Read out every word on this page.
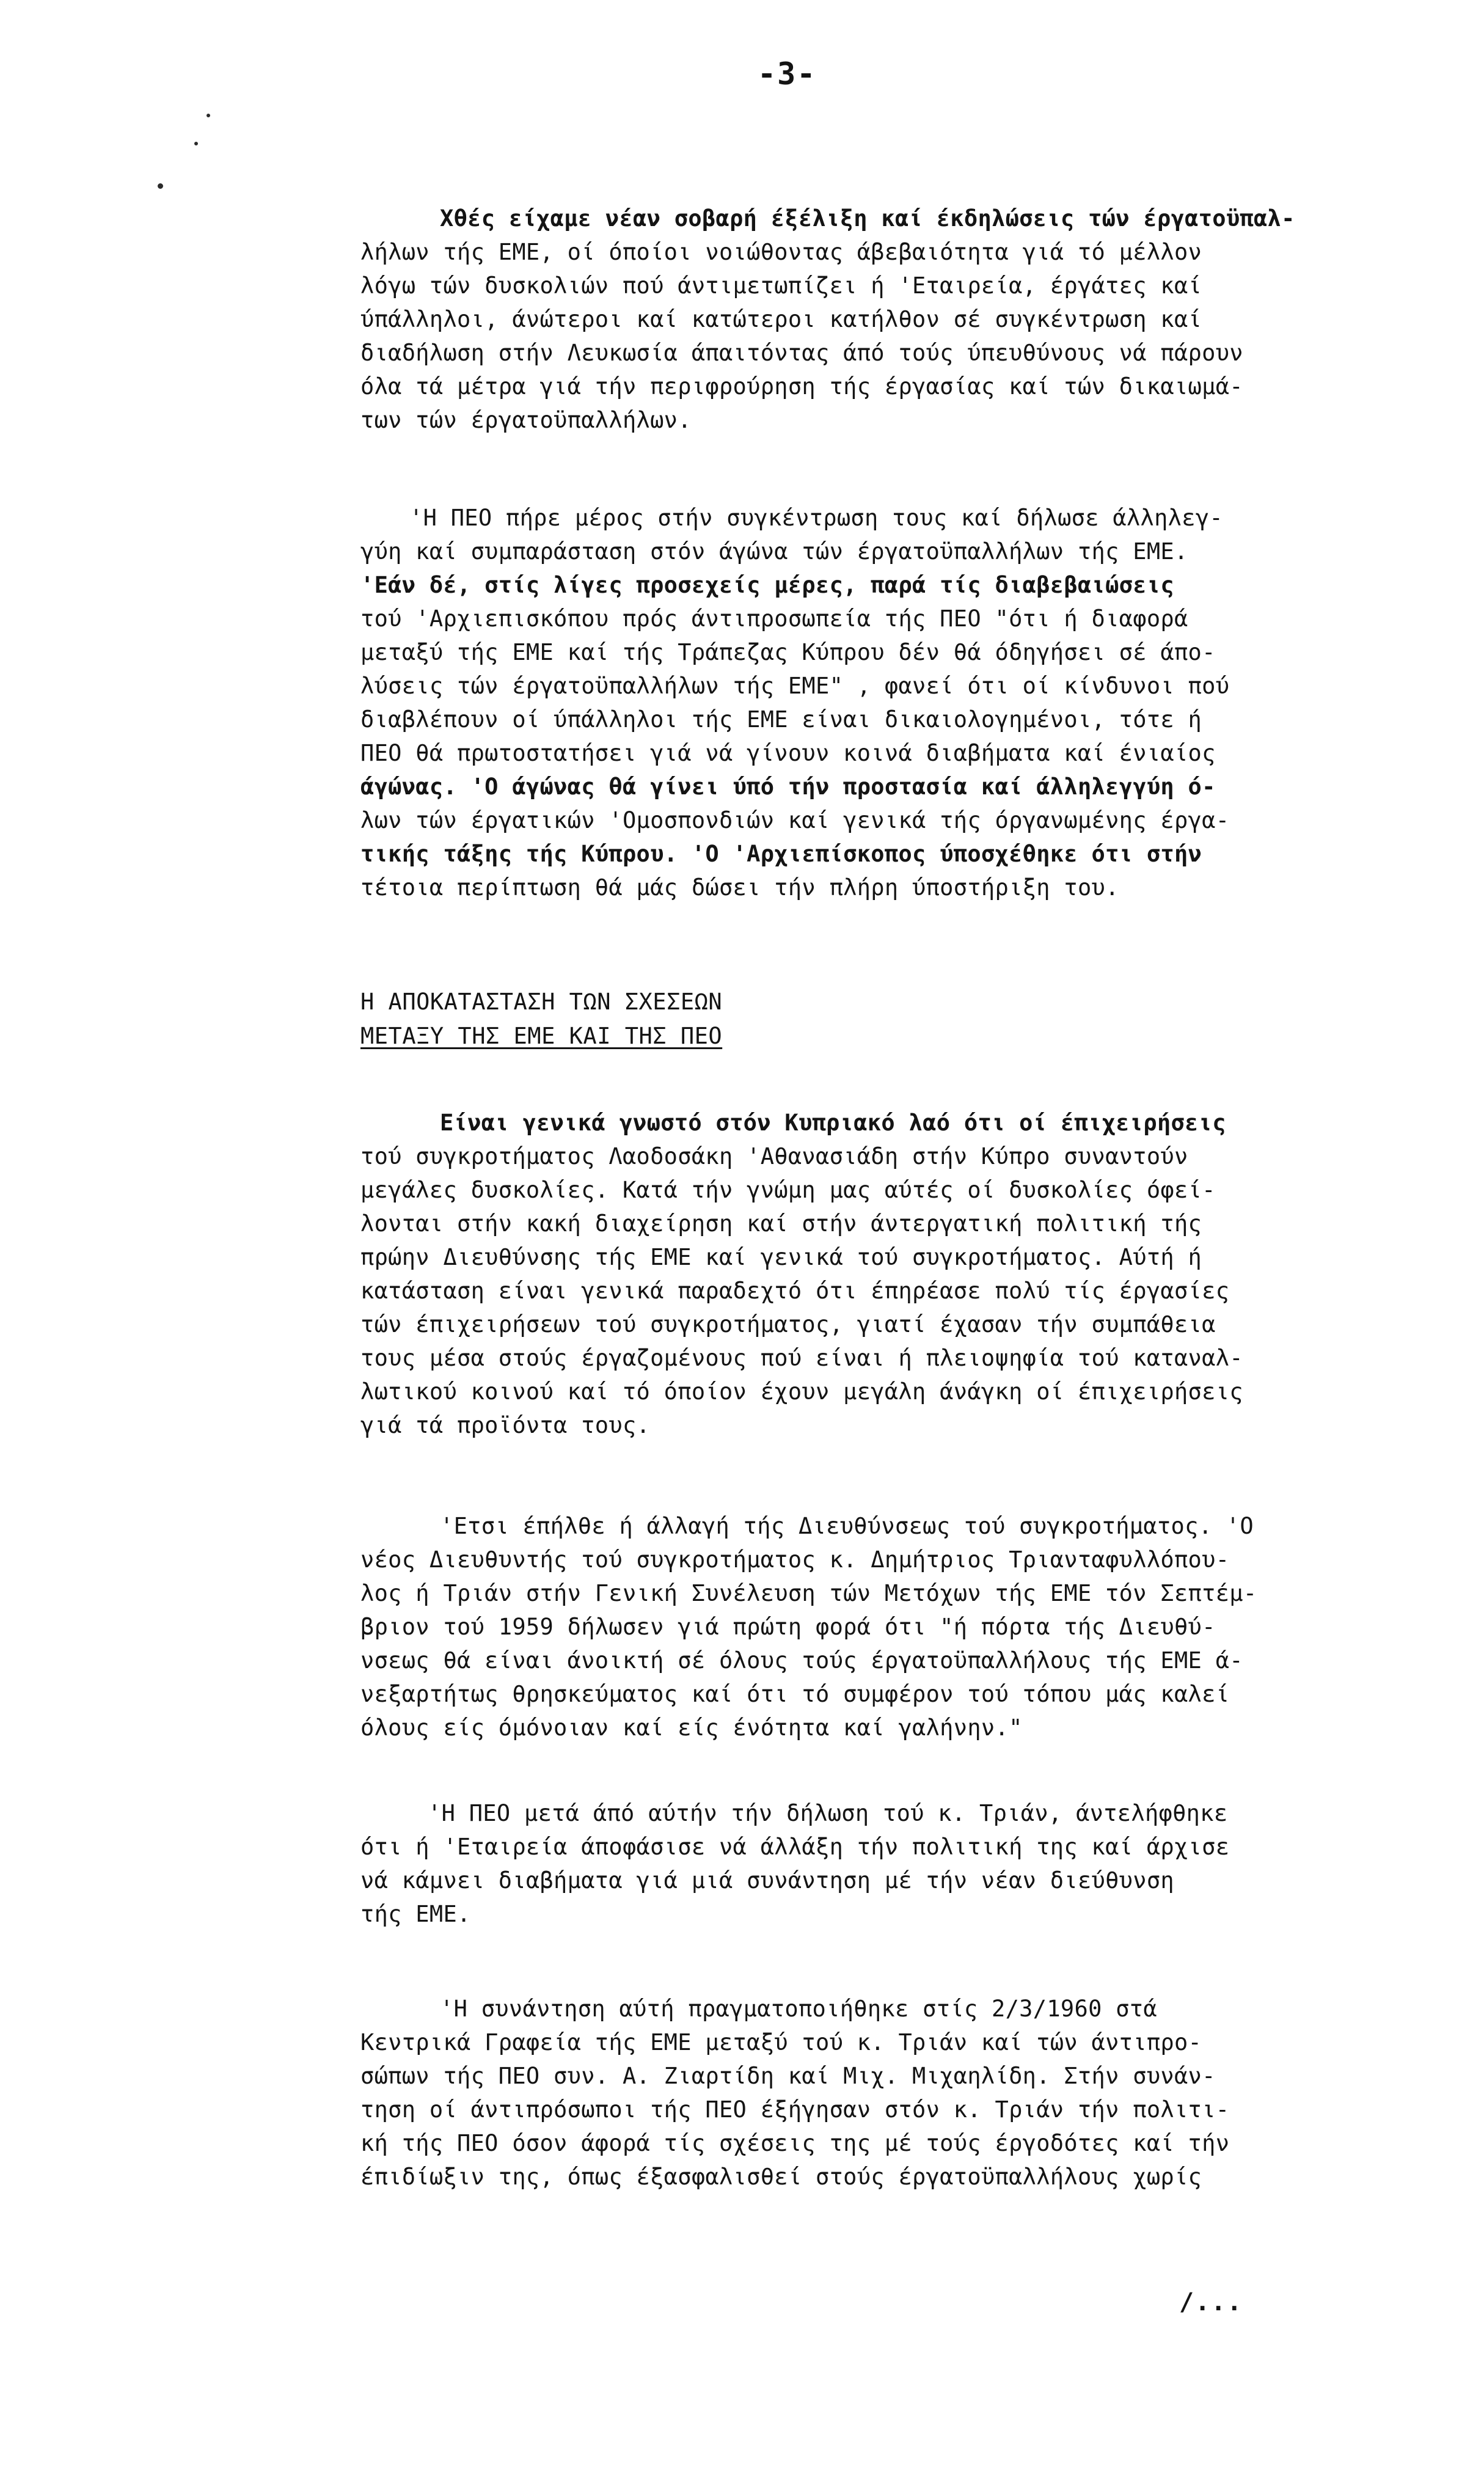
-3-
Χθές είχαμε νέαν σοβαρή έξέλιξη καί έκδηλώσεις τών έργατοϋπαλ-
λήλων τής ΕΜΕ, οί όποίοι νοιώθοντας άβεβαιότητα γιά τό μέλλον
λόγω τών δυσκολιών πού άντιμετωπίζει ή 'Εταιρεία, έργάτες καί
ύπάλληλοι, άνώτεροι καί κατώτεροι κατήλθον σέ συγκέντρωση καί
διαδήλωση στήν Λευκωσία άπαιτόντας άπό τούς ύπευθύνους νά πάρουν
όλα τά μέτρα γιά τήν περιφρούρηση τής έργασίας καί τών δικαιωμά-
των τών έργατοϋπαλλήλων.
'Η ΠΕΟ πήρε μέρος στήν συγκέντρωση τους καί δήλωσε άλληλεγ-
γύη καί συμπαράσταση στόν άγώνα τών έργατοϋπαλλήλων τής ΕΜΕ.
'Εάν δέ, στίς λίγες προσεχείς μέρες, παρά τίς διαβεβαιώσεις
τού 'Αρχιεπισκόπου πρός άντιπροσωπεία τής ΠΕΟ "ότι ή διαφορά
μεταξύ τής ΕΜΕ καί τής Τράπεζας Κύπρου δέν θά όδηγήσει σέ άπο-
λύσεις τών έργατοϋπαλλήλων τής ΕΜΕ" , φανεί ότι οί κίνδυνοι πού
διαβλέπουν οί ύπάλληλοι τής ΕΜΕ είναι δικαιολογημένοι, τότε ή
ΠΕΟ θά πρωτοστατήσει γιά νά γίνουν κοινά διαβήματα καί ένιαίος
άγώνας. 'Ο άγώνας θά γίνει ύπό τήν προστασία καί άλληλεγγύη ό-
λων τών έργατικών 'Ομοσπονδιών καί γενικά τής όργανωμένης έργα-
τικής τάξης τής Κύπρου. 'Ο 'Αρχιεπίσκοπος ύποσχέθηκε ότι στήν
τέτοια περίπτωση θά μάς δώσει τήν πλήρη ύποστήριξη του.
Η ΑΠΟΚΑΤΑΣΤΑΣΗ ΤΩΝ ΣΧΕΣΕΩΝ
ΜΕΤΑΞΥ ΤΗΣ ΕΜΕ ΚΑΙ ΤΗΣ ΠΕΟ
Είναι γενικά γνωστό στόν Κυπριακό λαό ότι οί έπιχειρήσεις
τού συγκροτήματος Λαοδοσάκη 'Αθανασιάδη στήν Κύπρο συναντούν
μεγάλες δυσκολίες. Κατά τήν γνώμη μας αύτές οί δυσκολίες όφεί-
λονται στήν κακή διαχείρηση καί στήν άντεργατική πολιτική τής
πρώην Διευθύνσης τής ΕΜΕ καί γενικά τού συγκροτήματος. Αύτή ή
κατάσταση είναι γενικά παραδεχτό ότι έπηρέασε πολύ τίς έργασίες
τών έπιχειρήσεων τού συγκροτήματος, γιατί έχασαν τήν συμπάθεια
τους μέσα στούς έργαζομένους πού είναι ή πλειοψηφία τού καταναλ-
λωτικού κοινού καί τό όποίον έχουν μεγάλη άνάγκη οί έπιχειρήσεις
γιά τά προϊόντα τους.
'Ετσι έπήλθε ή άλλαγή τής Διευθύνσεως τού συγκροτήματος. 'Ο
νέος Διευθυντής τού συγκροτήματος κ. Δημήτριος Τριανταφυλλόπου-
λος ή Τριάν στήν Γενική Συνέλευση τών Μετόχων τής ΕΜΕ τόν Σεπτέμ-
βριον τού 1959 δήλωσεν γιά πρώτη φορά ότι "ή πόρτα τής Διευθύ-
νσεως θά είναι άνοικτή σέ όλους τούς έργατοϋπαλλήλους τής ΕΜΕ ά-
νεξαρτήτως θρησκεύματος καί ότι τό συμφέρον τού τόπου μάς καλεί
όλους είς όμόνοιαν καί είς ένότητα καί γαλήνην."
'Η ΠΕΟ μετά άπό αύτήν τήν δήλωση τού κ. Τριάν, άντελήφθηκε
ότι ή 'Εταιρεία άποφάσισε νά άλλάξη τήν πολιτική της καί άρχισε
νά κάμνει διαβήματα γιά μιά συνάντηση μέ τήν νέαν διεύθυνση
τής ΕΜΕ.
'Η συνάντηση αύτή πραγματοποιήθηκε στίς 2/3/1960 στά
Κεντρικά Γραφεία τής ΕΜΕ μεταξύ τού κ. Τριάν καί τών άντιπρο-
σώπων τής ΠΕΟ συν. Α. Ζιαρτίδη καί Μιχ. Μιχαηλίδη. Στήν συνάν-
τηση οί άντιπρόσωποι τής ΠΕΟ έξήγησαν στόν κ. Τριάν τήν πολιτι-
κή τής ΠΕΟ όσον άφορά τίς σχέσεις της μέ τούς έργοδότες καί τήν
έπιδίωξιν της, όπως έξασφαλισθεί στούς έργατοϋπαλλήλους χωρίς
/...
